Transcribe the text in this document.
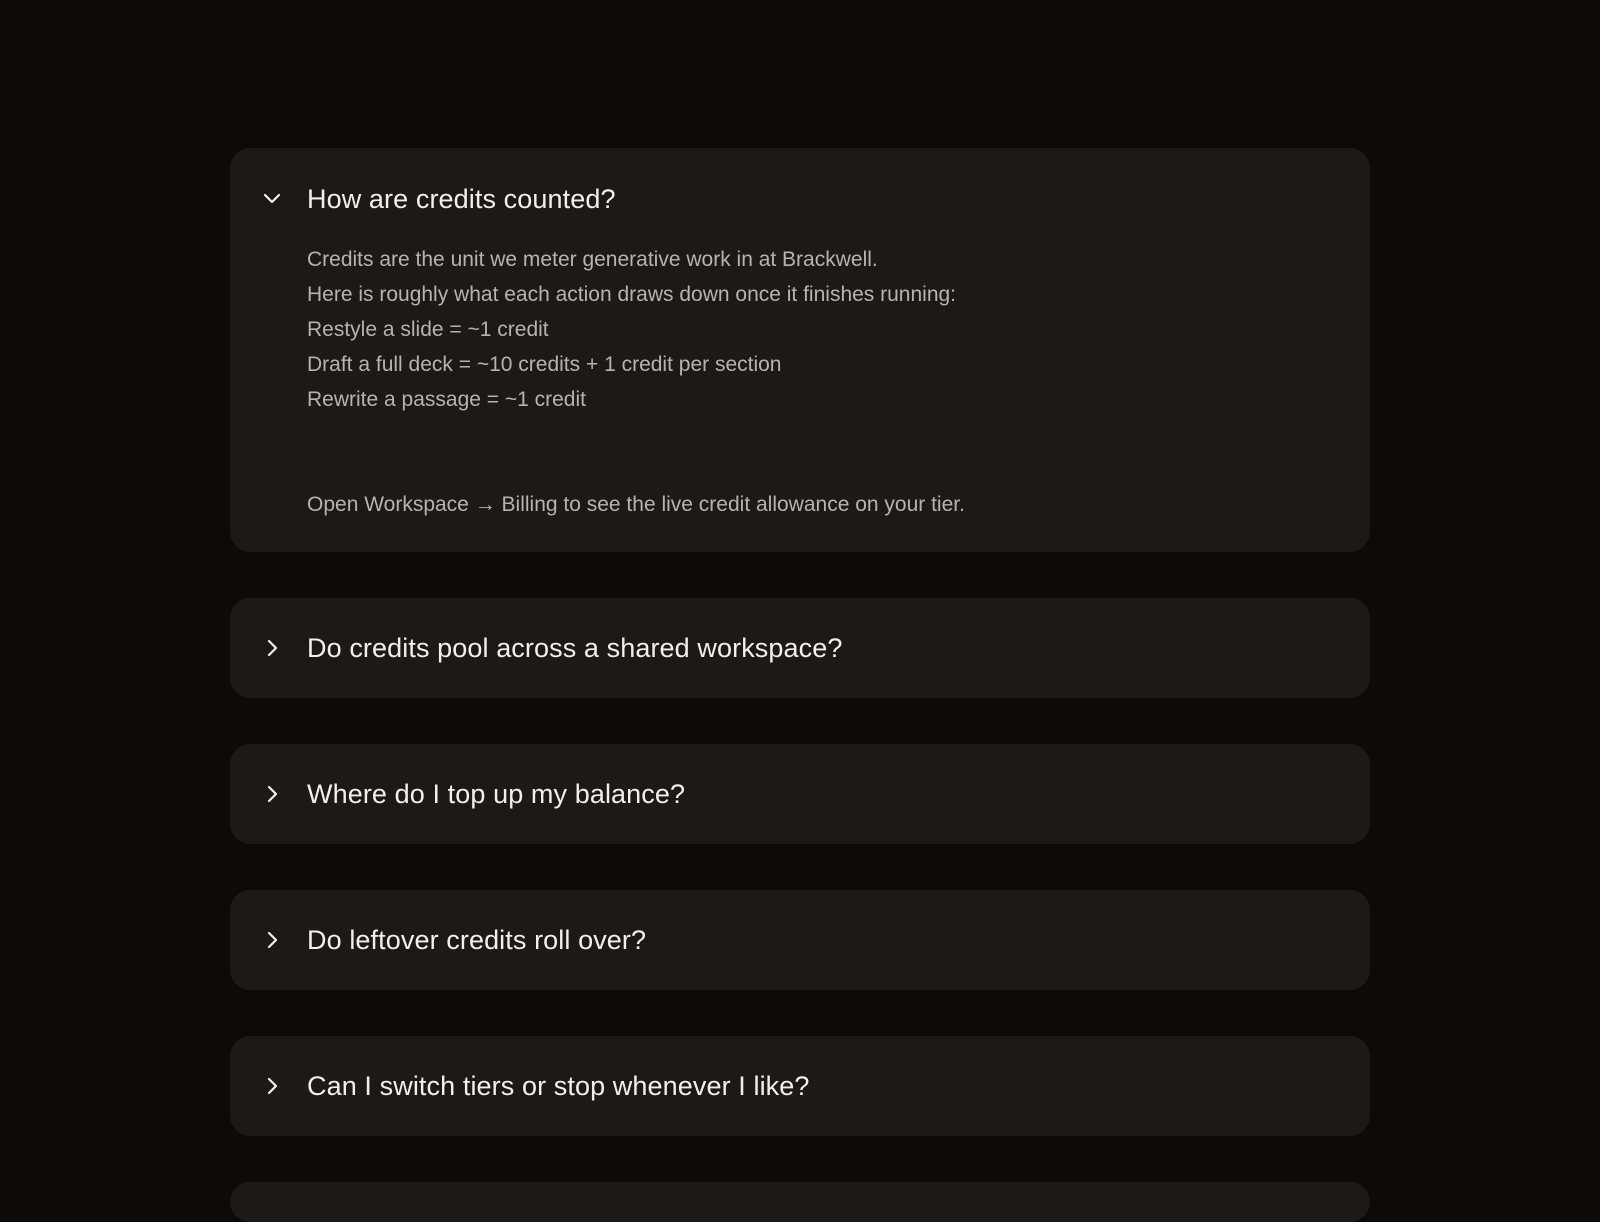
How are credits counted?
Credits are the unit we meter generative work in at Brackwell.
Here is roughly what each action draws down once it finishes running:
Restyle a slide = ~1 credit
Draft a full deck = ~10 credits + 1 credit per section
Rewrite a passage = ~1 credit
Open Workspace → Billing to see the live credit allowance on your tier.
Do credits pool across a shared workspace?
Where do I top up my balance?
Do leftover credits roll over?
Can I switch tiers or stop whenever I like?
